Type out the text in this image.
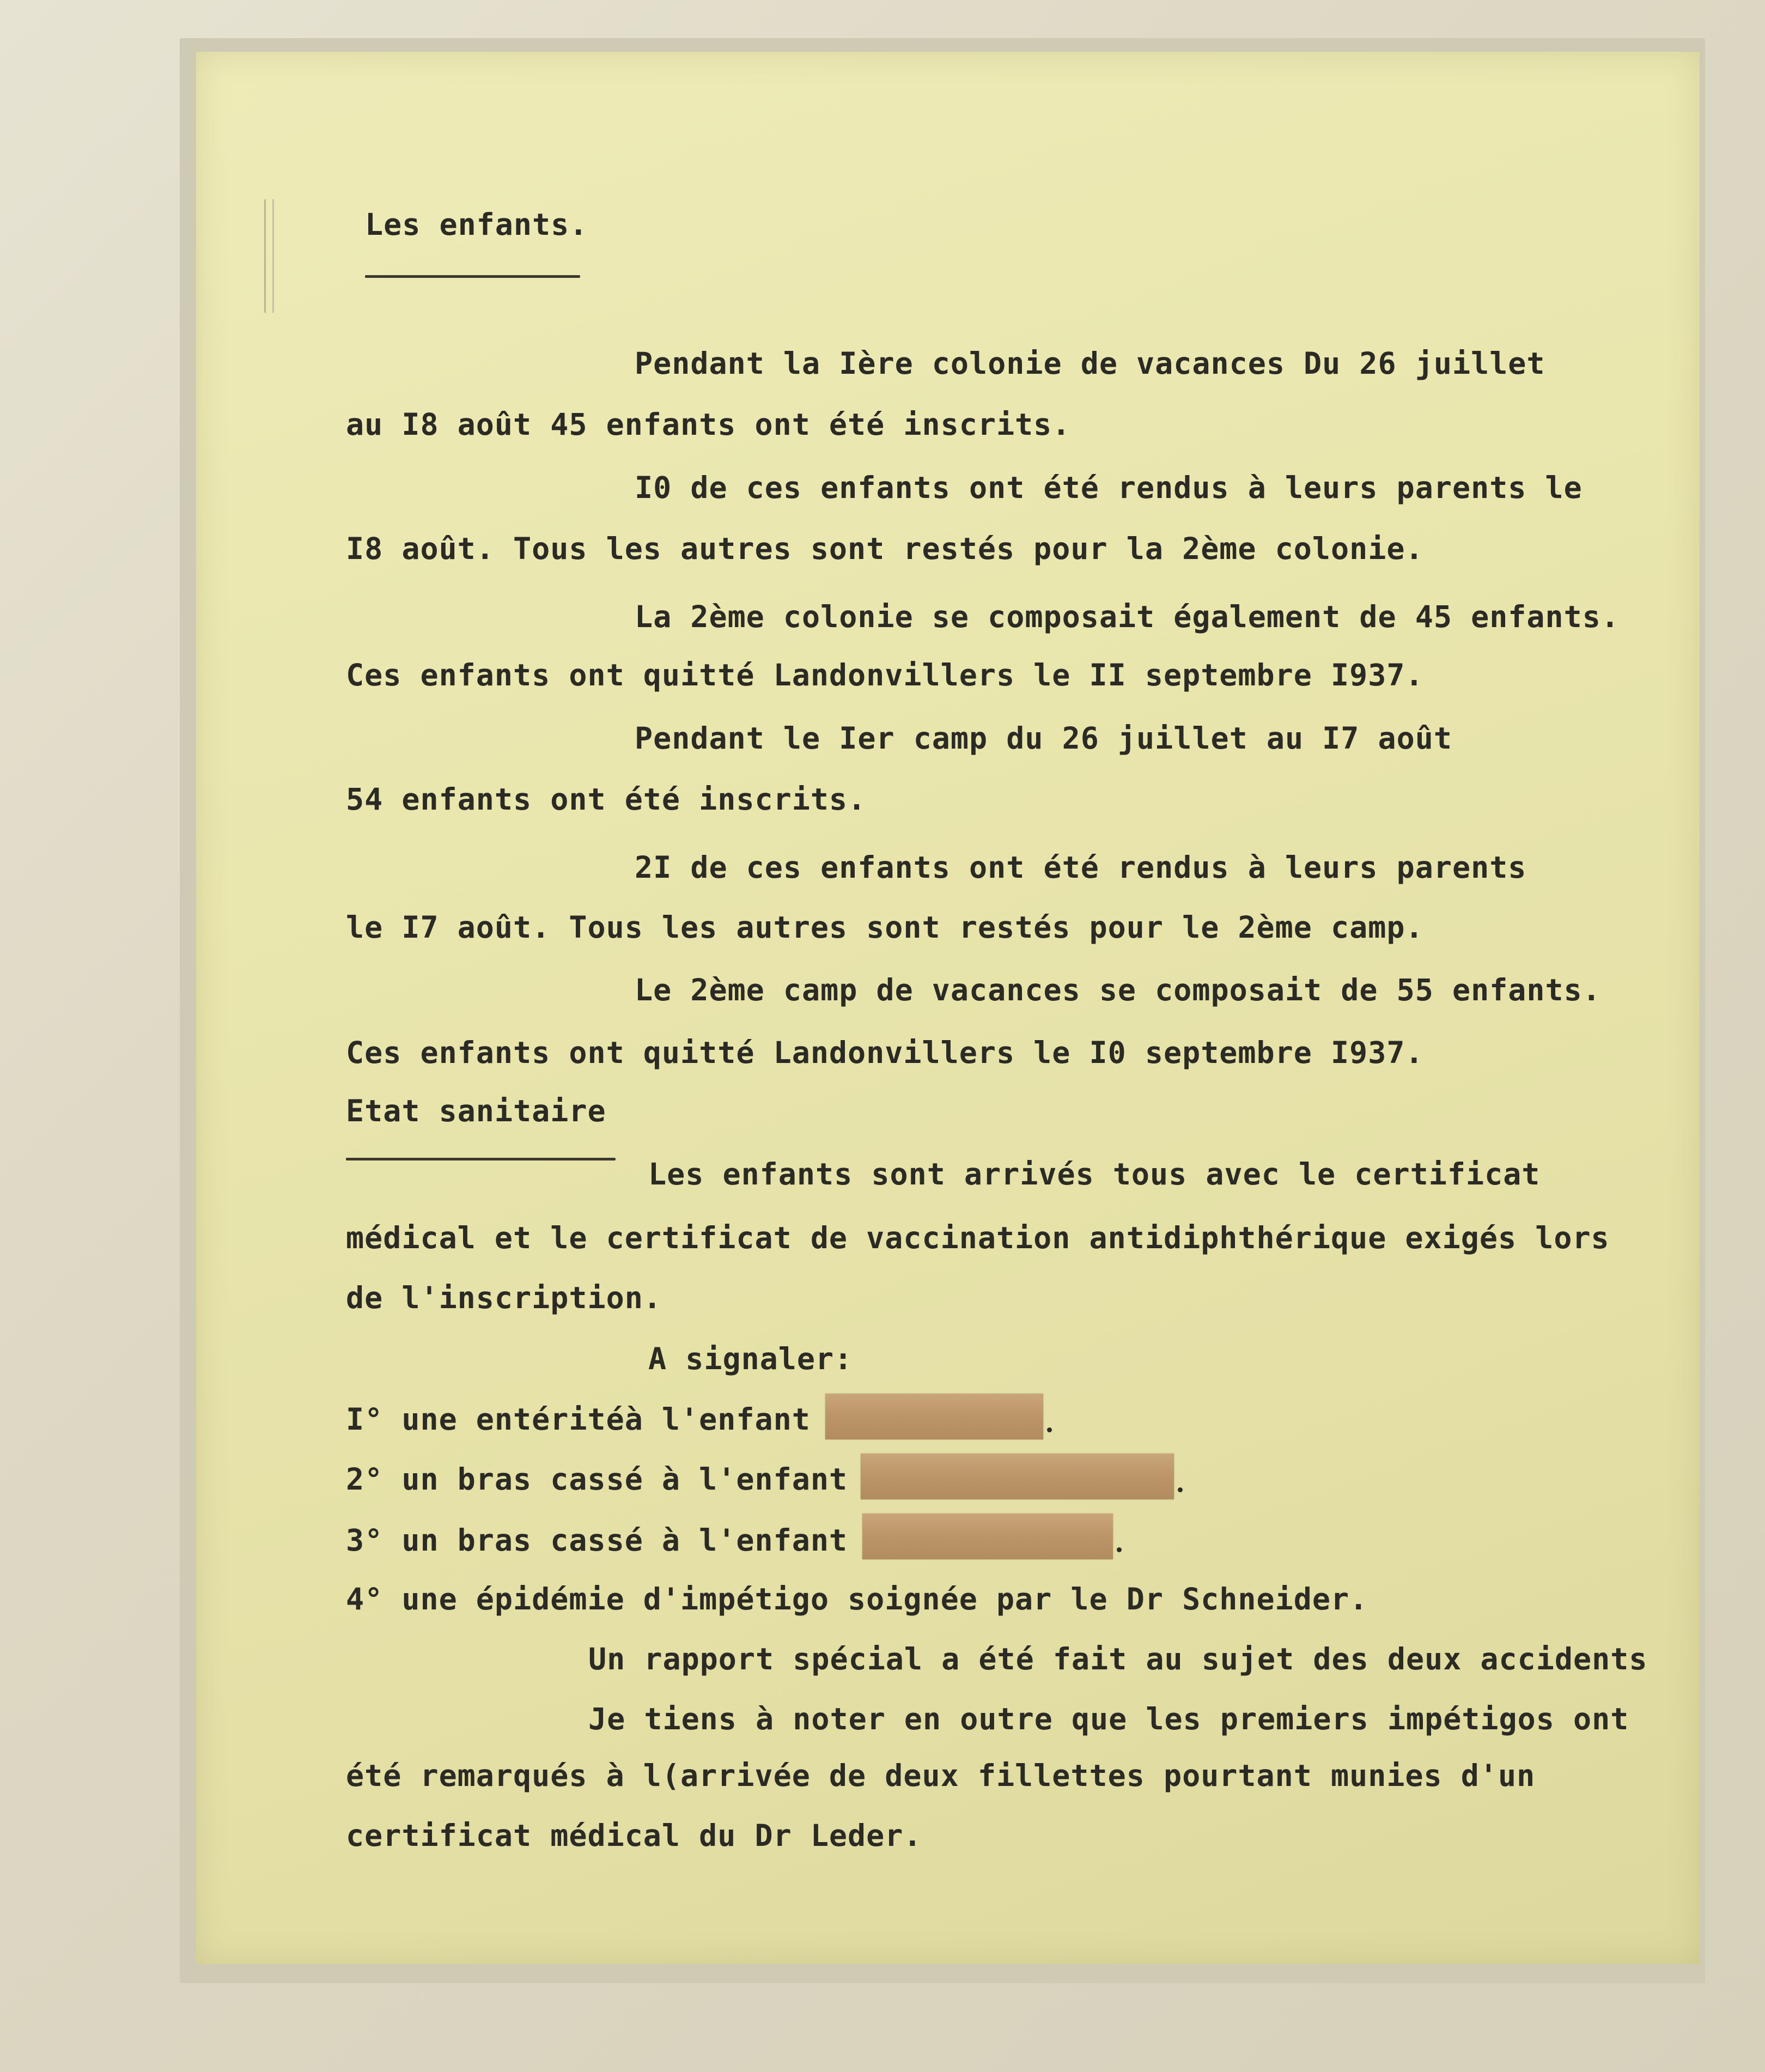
Les enfants.

Pendant la Ière colonie de vacances Du 26 juillet

au I8 août 45 enfants ont été inscrits.

I0 de ces enfants ont été rendus à leurs parents le

I8 août. Tous les autres sont restés pour la 2ème colonie.

La 2ème colonie se composait également de 45 enfants.

Ces enfants ont quitté Landonvillers le II septembre I937.

Pendant le Ier camp du 26 juillet au I7 août

54 enfants ont été inscrits.

2I de ces enfants ont été rendus à leurs parents

le I7 août. Tous les autres sont restés pour le 2ème camp.

Le 2ème camp de vacances se composait de 55 enfants.

Ces enfants ont quitté Landonvillers le I0 septembre I937.

Etat sanitaire

Les enfants sont arrivés tous avec le certificat

médical et le certificat de vaccination antidiphthérique exigés lors

de l'inscription.

A signaler:

I° une entéritéà l'enfant

2° un bras cassé à l'enfant

3° un bras cassé à l'enfant

4° une épidémie d'impétigo soignée par le Dr Schneider.

Un rapport spécial a été fait au sujet des deux accidents

Je tiens à noter en outre que les premiers impétigos ont

été remarqués à l(arrivée de deux fillettes pourtant munies d'un

certificat médical du Dr Leder.
